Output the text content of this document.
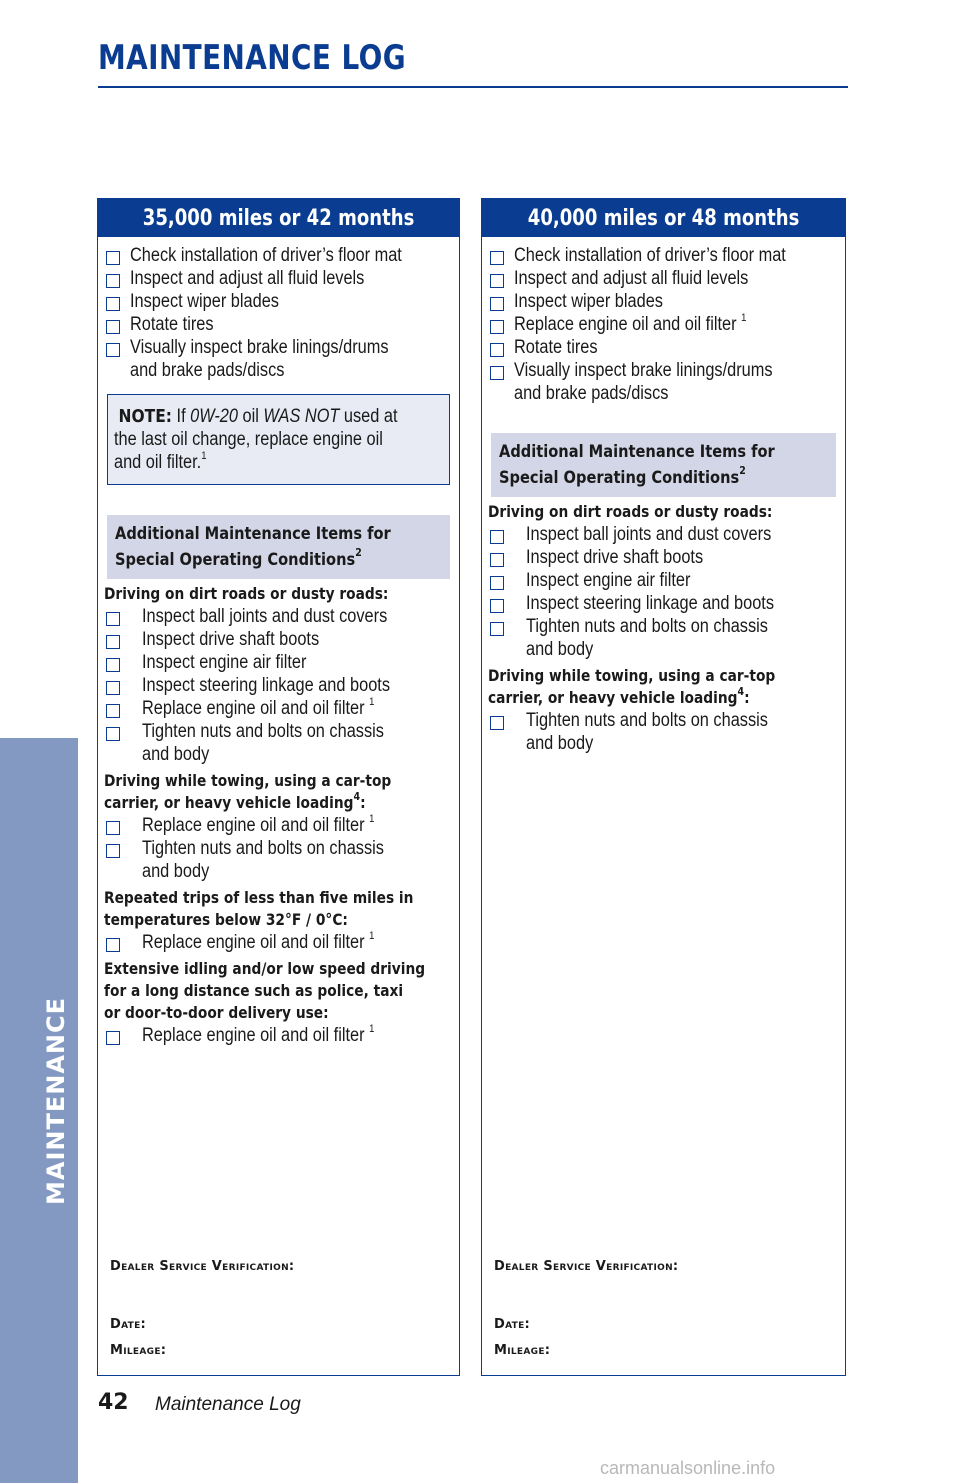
MAINTENANCE LOG
MAINTENANCE
35,000 miles or 42 months
Check installation of driver’s floor mat
Inspect and adjust all fluid levels
Inspect wiper blades
Rotate tires
Visually inspect brake linings/drums
and brake pads/discs
NOTE: If 0W-20 oil WAS NOT used at
the last oil change, replace engine oil
and oil filter.$^1$
Additional Maintenance Items for
Special Operating Conditions$^2$
Driving on dirt roads or dusty roads:
Inspect ball joints and dust covers
Inspect drive shaft boots
Inspect engine air filter
Inspect steering linkage and boots
Replace engine oil and oil filter $^1$
Tighten nuts and bolts on chassis
and body
Driving while towing, using a car-top
carrier, or heavy vehicle loading$^4$:
Replace engine oil and oil filter $^1$
Tighten nuts and bolts on chassis
and body
Repeated trips of less than five miles in
temperatures below 32°F / 0°C:
Replace engine oil and oil filter $^1$
Extensive idling and/or low speed driving
for a long distance such as police, taxi
or door-to-door delivery use:
Replace engine oil and oil filter $^1$
Dealer Service Verification:
Date:
Mileage:
40,000 miles or 48 months
Check installation of driver’s floor mat
Inspect and adjust all fluid levels
Inspect wiper blades
Replace engine oil and oil filter $^1$
Rotate tires
Visually inspect brake linings/drums
and brake pads/discs
Additional Maintenance Items for
Special Operating Conditions$^2$
Driving on dirt roads or dusty roads:
Inspect ball joints and dust covers
Inspect drive shaft boots
Inspect engine air filter
Inspect steering linkage and boots
Tighten nuts and bolts on chassis
and body
Driving while towing, using a car-top
carrier, or heavy vehicle loading$^4$:
Tighten nuts and bolts on chassis
and body
Dealer Service Verification:
Date:
Mileage:
42 Maintenance Log
carmanualsonline.info
